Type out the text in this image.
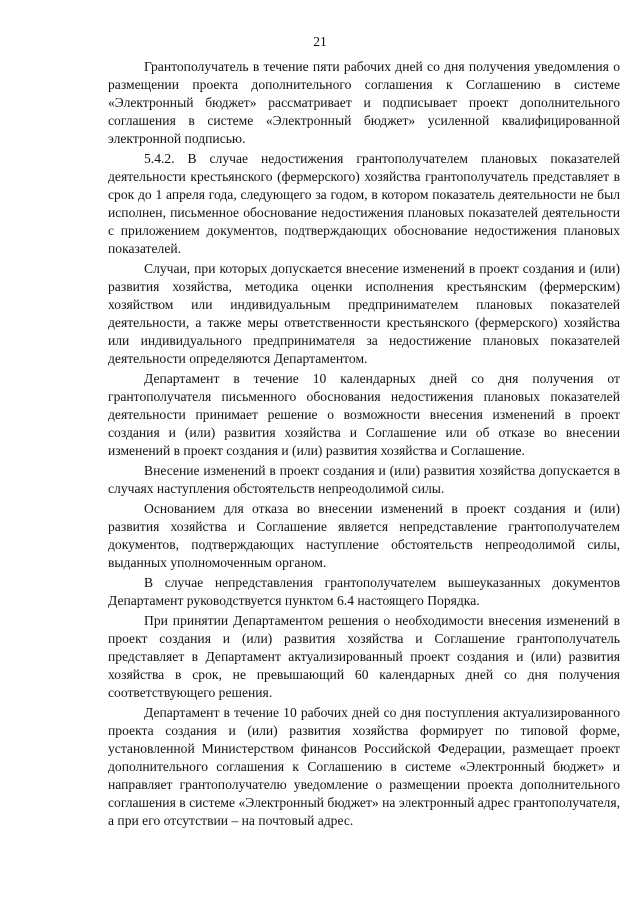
21

Грантополучатель в течение пяти рабочих дней со дня получения уведомления о размещении проекта дополнительного соглашения к Соглашению в системе «Электронный бюджет» рассматривает и подписывает проект дополнительного соглашения в системе «Электронный бюджет» усиленной квалифицированной электронной подписью.

5.4.2. В случае недостижения грантополучателем плановых показателей деятельности крестьянского (фермерского) хозяйства грантополучатель представляет в срок до 1 апреля года, следующего за годом, в котором показатель деятельности не был исполнен, письменное обоснование недостижения плановых показателей деятельности с приложением документов, подтверждающих обоснование недостижения плановых показателей.

Случаи, при которых допускается внесение изменений в проект создания и (или) развития хозяйства, методика оценки исполнения крестьянским (фермерским) хозяйством или индивидуальным предпринимателем плановых показателей деятельности, а также меры ответственности крестьянского (фермерского) хозяйства или индивидуального предпринимателя за недостижение плановых показателей деятельности определяются Департаментом.

Департамент в течение 10 календарных дней со дня получения от грантополучателя письменного обоснования недостижения плановых показателей деятельности принимает решение о возможности внесения изменений в проект создания и (или) развития хозяйства и Соглашение или об отказе во внесении изменений в проект создания и (или) развития хозяйства и Соглашение.

Внесение изменений в проект создания и (или) развития хозяйства допускается в случаях наступления обстоятельств непреодолимой силы.

Основанием для отказа во внесении изменений в проект создания и (или) развития хозяйства и Соглашение является непредставление грантополучателем документов, подтверждающих наступление обстоятельств непреодолимой силы, выданных уполномоченным органом.

В случае непредставления грантополучателем вышеуказанных документов Департамент руководствуется пунктом 6.4 настоящего Порядка.

При принятии Департаментом решения о необходимости внесения изменений в проект создания и (или) развития хозяйства и Соглашение грантополучатель представляет в Департамент актуализированный проект создания и (или) развития хозяйства в срок, не превышающий 60 календарных дней со дня получения соответствующего решения.

Департамент в течение 10 рабочих дней со дня поступления актуализированного проекта создания и (или) развития хозяйства формирует по типовой форме, установленной Министерством финансов Российской Федерации, размещает проект дополнительного соглашения к Соглашению в системе «Электронный бюджет» и направляет грантополучателю уведомление о размещении проекта дополнительного соглашения в системе «Электронный бюджет» на электронный адрес грантополучателя, а при его отсутствии – на почтовый адрес.
